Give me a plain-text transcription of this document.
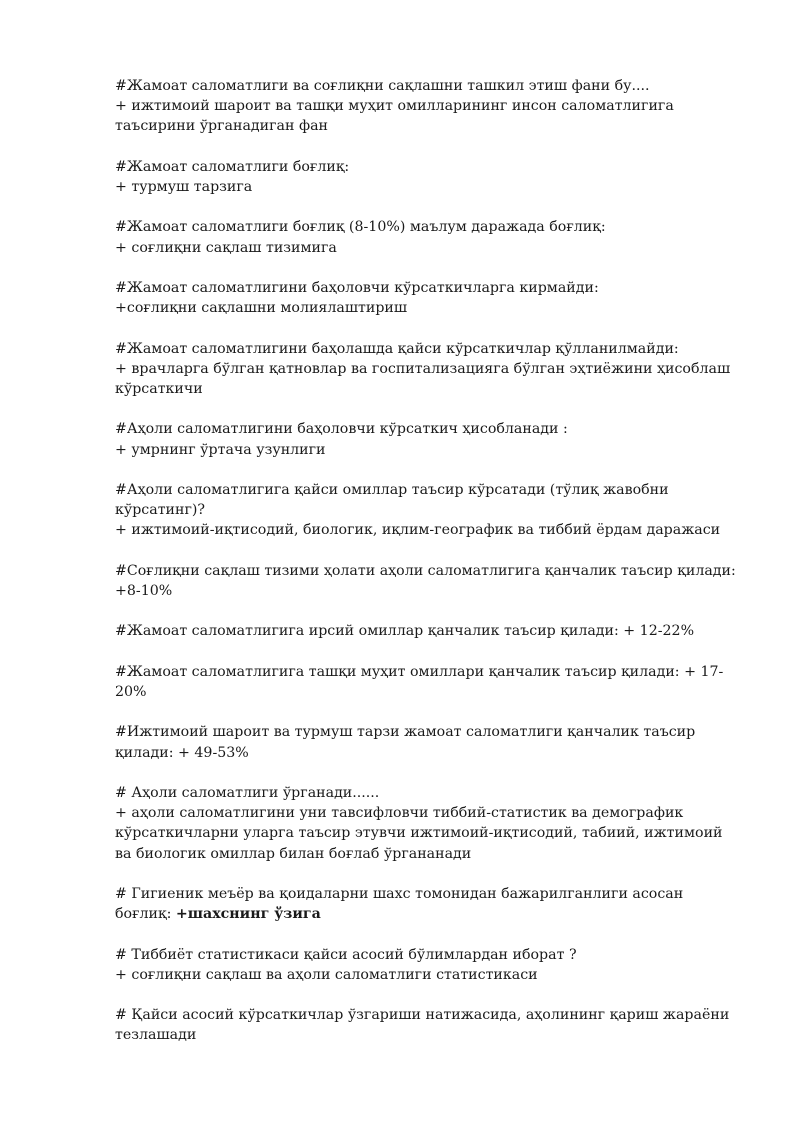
#Жамоат саломатлиги ва соғлиқни сақлашни ташкил этиш фани бу....
+ ижтимоий шароит ва ташқи муҳит омилларининг инсон саломатлигига
таъсирини ўрганадиган фан
#Жамоат саломатлиги боғлиқ:
+ турмуш тарзига
#Жамоат саломатлиги боғлиқ (8-10%) маълум даражада боғлиқ:
+ соғлиқни сақлаш тизимига
#Жамоат саломатлигини баҳоловчи кўрсаткичларга кирмайди:
+соғлиқни сақлашни молиялаштириш
#Жамоат саломатлигини баҳолашда қайси кўрсаткичлар қўлланилмайди:
+ врачларга бўлган қатновлар ва госпитализацияга бўлган эҳтиёжини ҳисоблаш
кўрсаткичи
#Аҳоли саломатлигини баҳоловчи кўрсаткич ҳисобланади :
+ умрнинг ўртача узунлиги
#Аҳоли саломатлигига қайси омиллар таъсир кўрсатади (тўлиқ жавобни
кўрсатинг)?
+ ижтимоий-иқтисодий, биологик, иқлим-географик ва тиббий ёрдам даражаси
#Соғлиқни сақлаш тизими ҳолати аҳоли саломатлигига қанчалик таъсир қилади:
+8-10%
#Жамоат саломатлигига ирсий омиллар қанчалик таъсир қилади: + 12-22%
#Жамоат саломатлигига ташқи муҳит омиллари қанчалик таъсир қилади: + 17-
20%
#Ижтимоий шароит ва турмуш тарзи жамоат саломатлиги қанчалик таъсир
қилади: + 49-53%
# Аҳоли саломатлиги ўрганади......
+ аҳоли саломатлигини уни тавсифловчи тиббий-статистик ва демографик
кўрсаткичларни уларга таъсир этувчи ижтимоий-иқтисодий, табиий, ижтимоий
ва биологик омиллар билан боғлаб ўргананади
# Гигиеник меъёр ва қоидаларни шахс томонидан бажарилганлиги асосан
боғлиқ: +шахснинг ўзига
# Тиббиёт статистикаси қайси асосий бўлимлардан иборат ?
+ соғлиқни сақлаш ва аҳоли саломатлиги статистикаси
# Қайси асосий кўрсаткичлар ўзгариши натижасида, аҳолининг қариш жараёни
тезлашади
